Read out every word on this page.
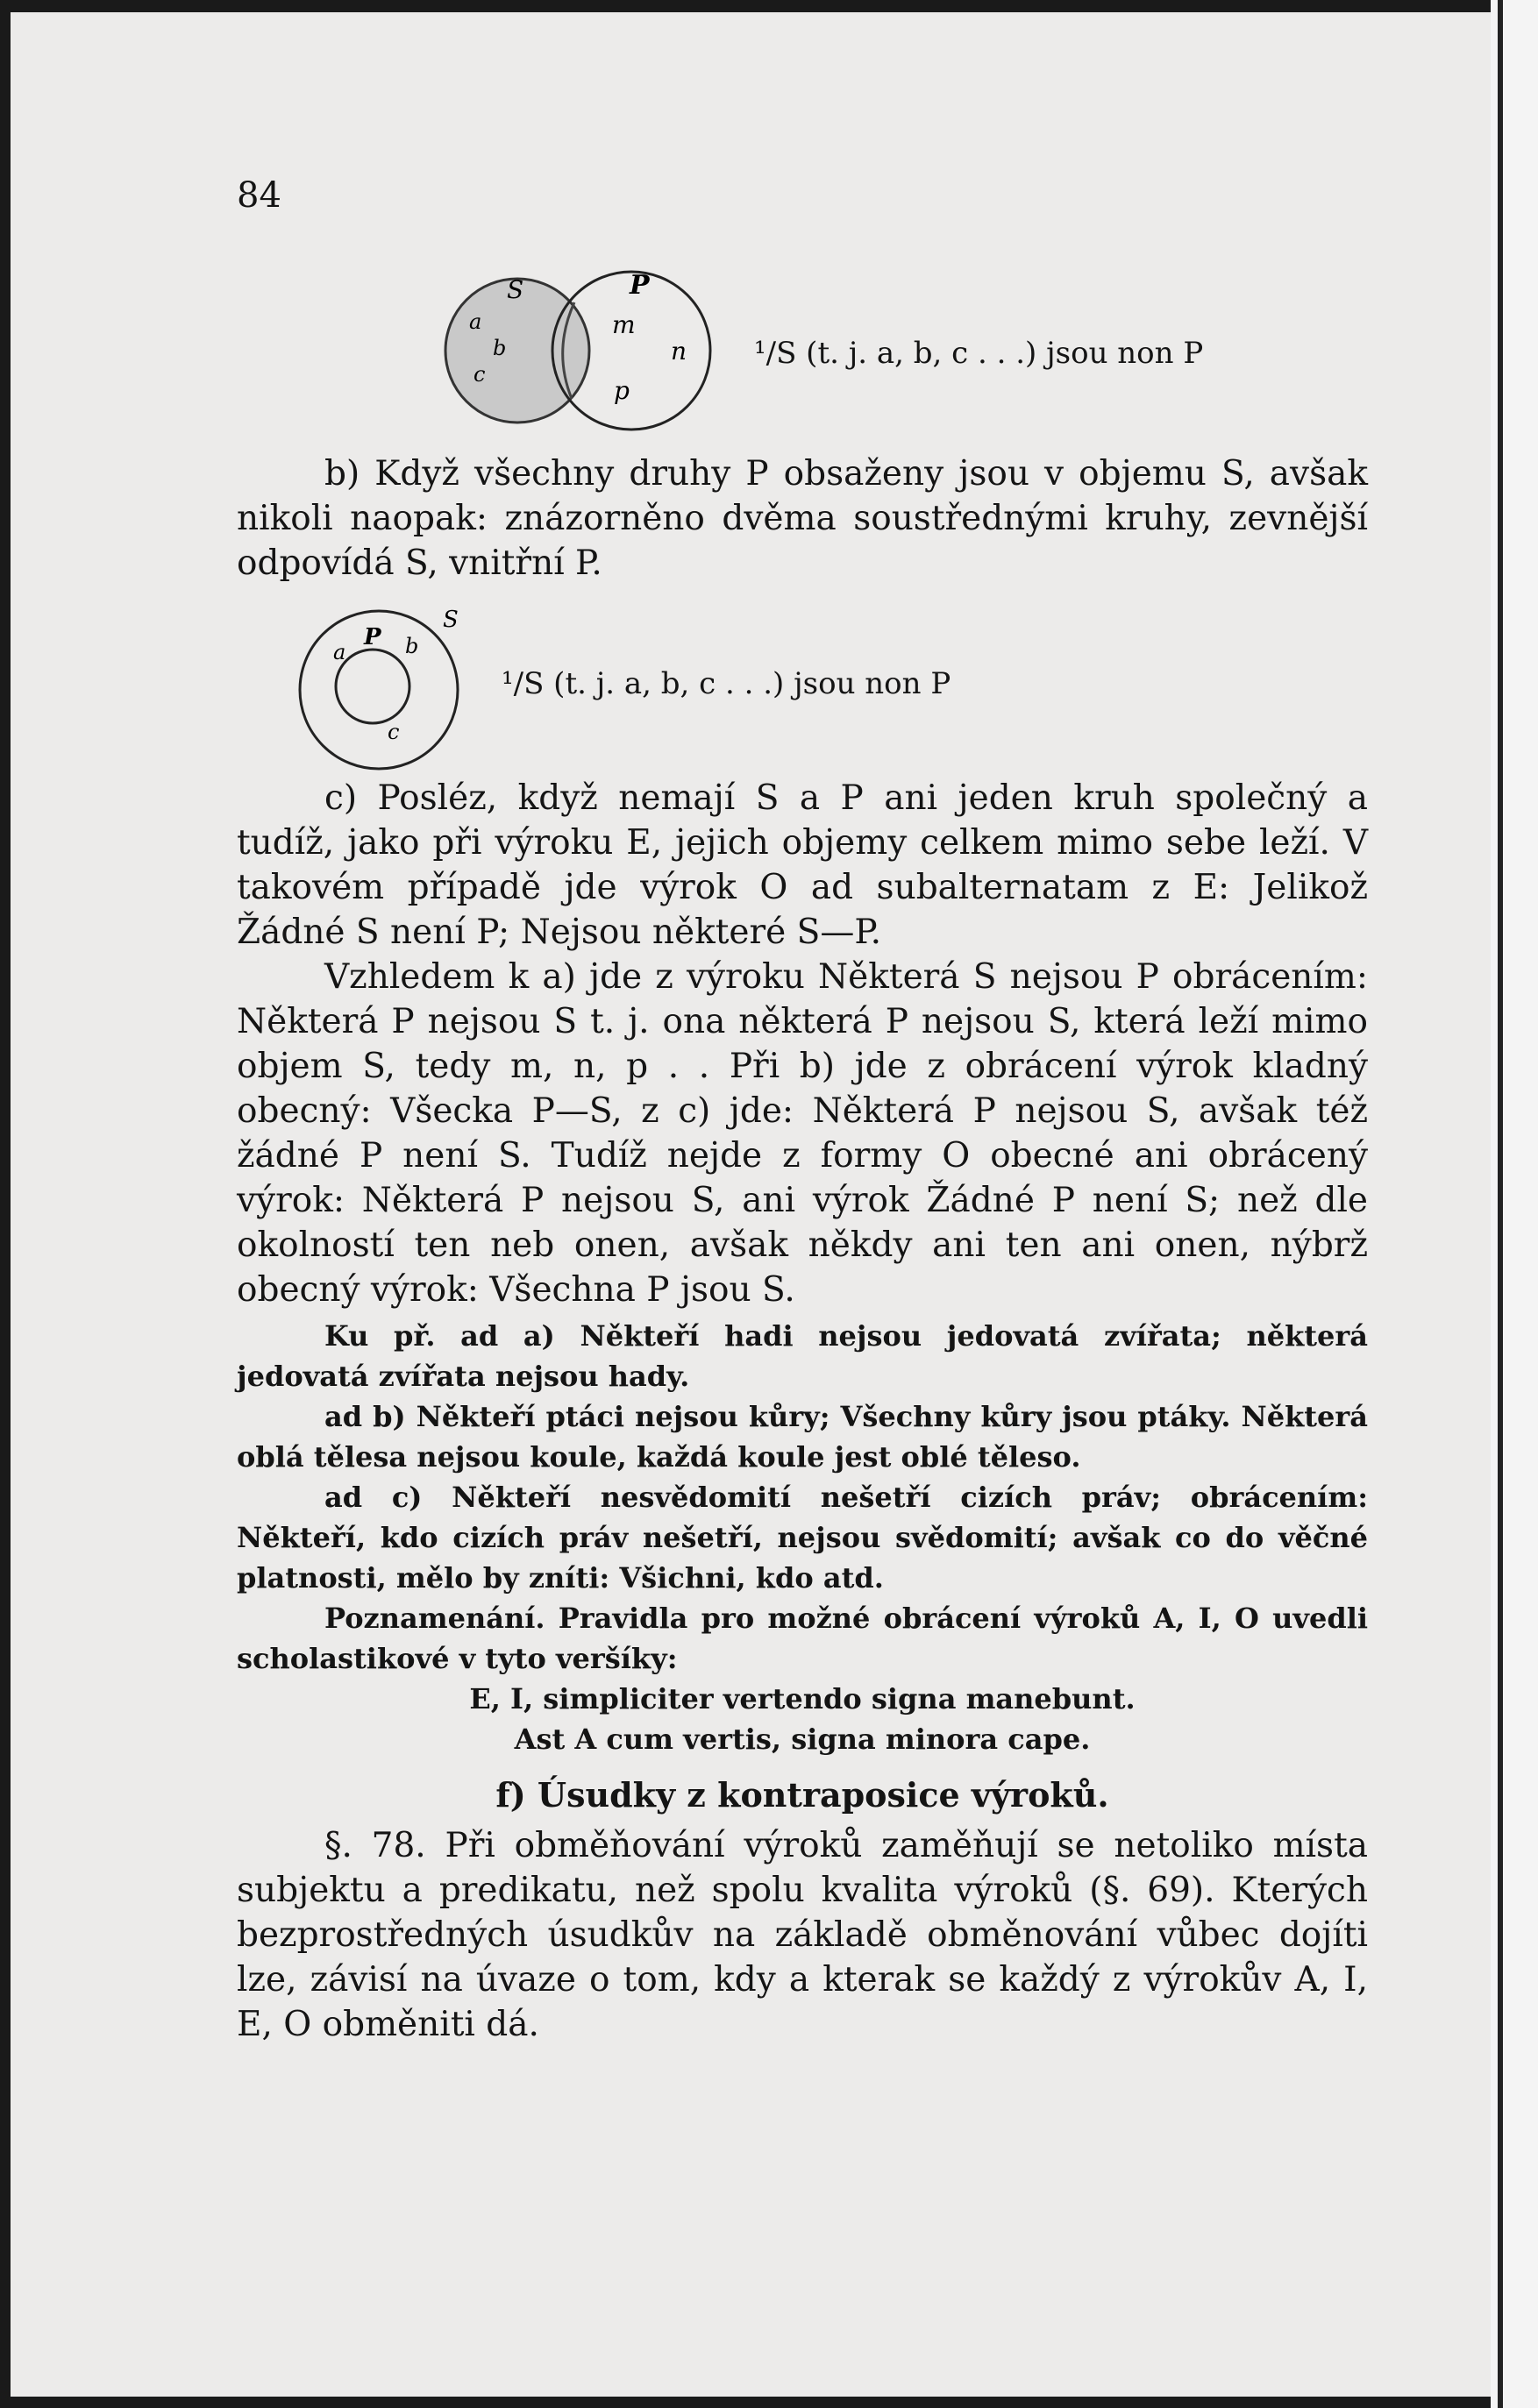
84
S
a
b
c
P
m
n
p
¹/S (t. j. a, b, c . . .) jsou non P

b) Když všechny druhy P obsaženy jsou v objemu S, avšak nikoli naopak: znázorněno dvěma soustřednými kruhy, zevnější odpovídá S, vnitřní P.

S
a
P b
c
¹/S (t. j. a, b, c . . .) jsou non P

c) Posléz, když nemají S a P ani jeden kruh společný a tudíž, jako při výroku E, jejich objemy celkem mimo sebe leží. V takovém případě jde výrok O ad subalternatam z E: Jelikož Žádné S není P; Nejsou některé S—P.

Vzhledem k a) jde z výroku Některá S nejsou P obrácením: Některá P nejsou S t. j. ona některá P nejsou S, která leží mimo objem S, tedy m, n, p . . Při b) jde z obrácení výrok kladný obecný: Všecka P—S, z c) jde: Některá P nejsou S, avšak též žádné P není S. Tudíž nejde z formy O obecné ani obrácený výrok: Některá P nejsou S, ani výrok Žádné P není S; než dle okolností ten neb onen, avšak někdy ani ten ani onen, nýbrž obecný výrok: Všechna P jsou S.

Ku př. ad a) Někteří hadi nejsou jedovatá zvířata; některá jedovatá zvířata nejsou hady.

ad b) Někteří ptáci nejsou kůry; Všechny kůry jsou ptáky. Některá oblá tělesa nejsou koule, každá koule jest oblé těleso.

ad c) Někteří nesvědomití nešetří cizích práv; obrácením: Někteří, kdo cizích práv nešetří, nejsou svědomití; avšak co do věčné platnosti, mělo by zníti: Všichni, kdo atd.

Poznamenání. Pravidla pro možné obrácení výroků A, I, O uvedli scholastikové v tyto veršíky:

E, I, simpliciter vertendo signa manebunt.

Ast A cum vertis, signa minora cape.

f) Úsudky z kontraposice výroků.

§. 78. Při obměňování výroků zaměňují se netoliko místa subjektu a predikatu, než spolu kvalita výroků (§. 69). Kterých bezprostředných úsudkův na základě obměnování vůbec dojíti lze, závisí na úvaze o tom, kdy a kterak se každý z výrokův A, I, E, O obměniti dá.
